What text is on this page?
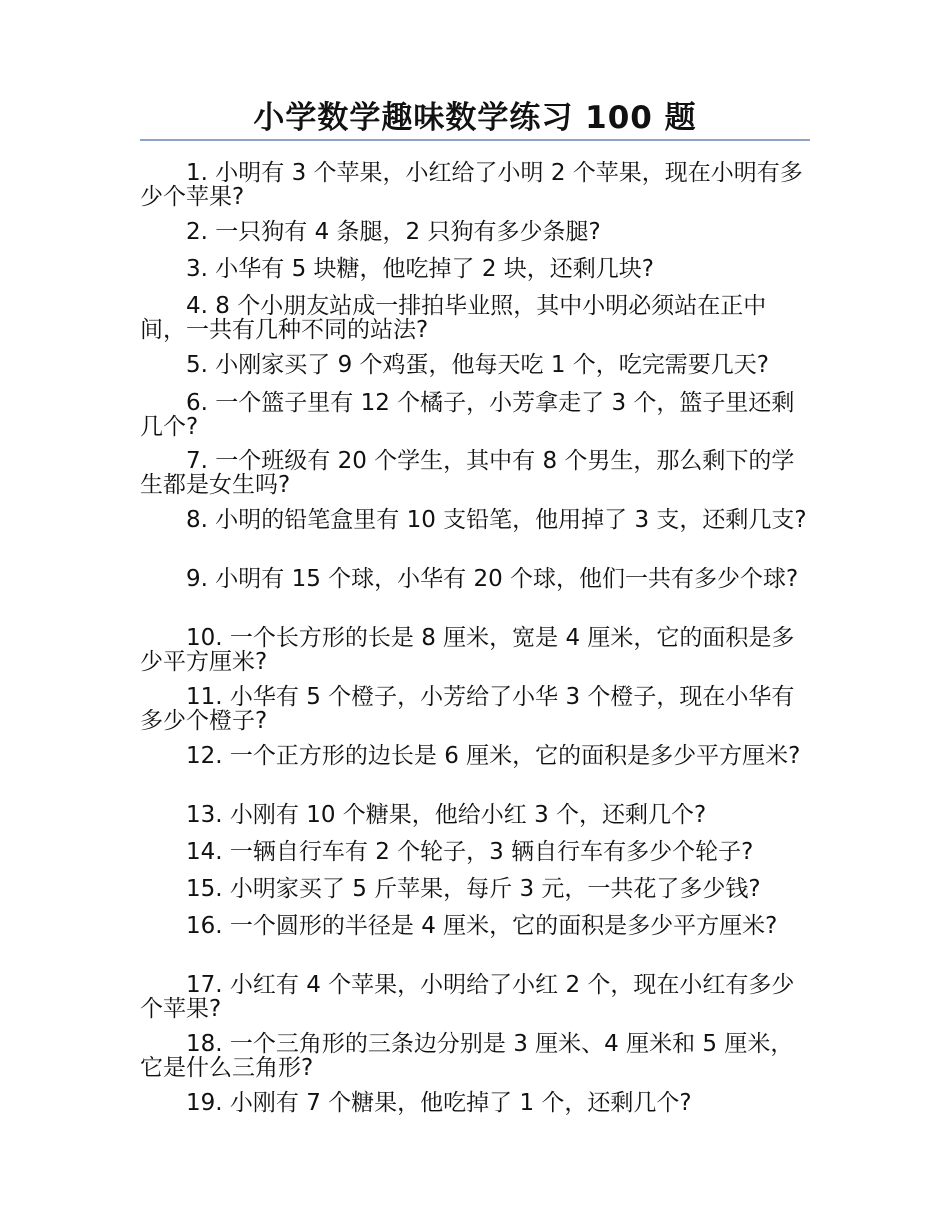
小学数学趣味数学练习 100 题
1. 小明有 3 个苹果，小红给了小明 2 个苹果，现在小明有多少个苹果?
2. 一只狗有 4 条腿，2 只狗有多少条腿?
3. 小华有 5 块糖，他吃掉了 2 块，还剩几块?
4. 8 个小朋友站成一排拍毕业照，其中小明必须站在正中间，一共有几种不同的站法?
5. 小刚家买了 9 个鸡蛋，他每天吃 1 个，吃完需要几天?
6. 一个篮子里有 12 个橘子，小芳拿走了 3 个，篮子里还剩几个?
7. 一个班级有 20 个学生，其中有 8 个男生，那么剩下的学生都是女生吗?
8. 小明的铅笔盒里有 10 支铅笔，他用掉了 3 支，还剩几支?
9. 小明有 15 个球，小华有 20 个球，他们一共有多少个球?
10. 一个长方形的长是 8 厘米，宽是 4 厘米，它的面积是多少平方厘米?
11. 小华有 5 个橙子，小芳给了小华 3 个橙子，现在小华有多少个橙子?
12. 一个正方形的边长是 6 厘米，它的面积是多少平方厘米?
13. 小刚有 10 个糖果，他给小红 3 个，还剩几个?
14. 一辆自行车有 2 个轮子，3 辆自行车有多少个轮子?
15. 小明家买了 5 斤苹果，每斤 3 元，一共花了多少钱?
16. 一个圆形的半径是 4 厘米，它的面积是多少平方厘米?
17. 小红有 4 个苹果，小明给了小红 2 个，现在小红有多少个苹果?
18. 一个三角形的三条边分别是 3 厘米、4 厘米和 5 厘米，它是什么三角形?
19. 小刚有 7 个糖果，他吃掉了 1 个，还剩几个?
